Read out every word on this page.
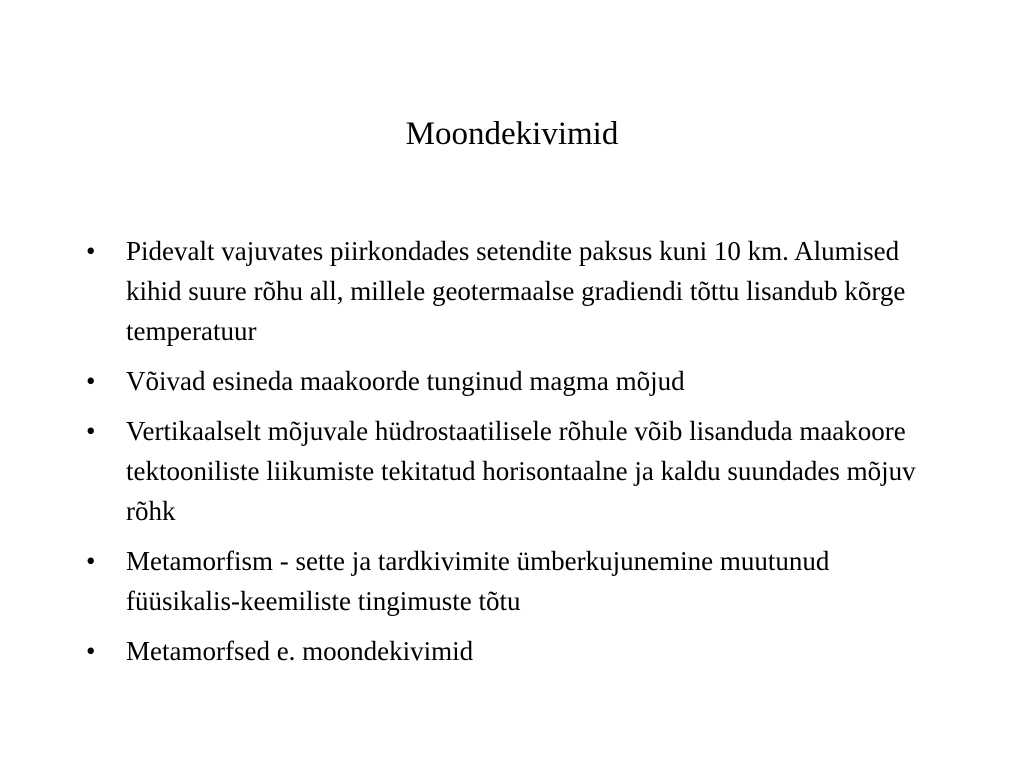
Moondekivimid
•	Pidevalt vajuvates piirkondades setendite paksus kuni 10 km. Alumised kihid suure rõhu all, millele geotermaalse gradiendi tõttu lisandub kõrge temperatuur
•	Võivad esineda maakoorde tunginud magma mõjud
•	Vertikaalselt mõjuvale hüdrostaatilisele rõhule võib lisanduda maakoore tektooniliste liikumiste tekitatud horisontaalne ja kaldu suundades mõjuv rõhk
•	Metamorfism - sette ja tardkivimite ümberkujunemine muutunud füüsikalis-keemiliste tingimuste tõtu
•	Metamorfsed e. moondekivimid
